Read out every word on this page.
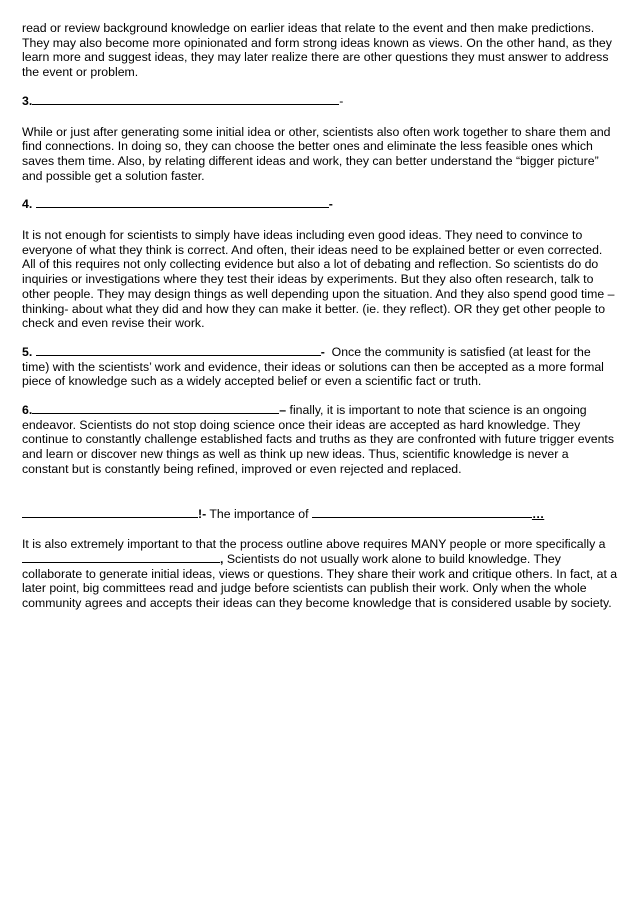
read or review background knowledge on earlier ideas that relate to the event and then make predictions. They may also become more opinionated and form strong ideas known as views. On the other hand, as they learn more and suggest ideas, they may later realize there are other questions they must answer to address the event or problem.

3.	-

While or just after generating some initial idea or other, scientists also often work together to share them and find connections. In doing so, they can choose the better ones and eliminate the less feasible ones which saves them time. Also, by relating different ideas and work, they can better understand the “bigger picture” and possible get a solution faster.

4.	-

It is not enough for scientists to simply have ideas including even good ideas. They need to convince to everyone of what they think is correct. And often, their ideas need to be explained better or even corrected. All of this requires not only collecting evidence but also a lot of debating and reflection. So scientists do do inquiries or investigations where they test their ideas by experiments. But they also often research, talk to other people. They may design things as well depending upon the situation. And they also spend good time –thinking- about what they did and how they can make it better. (ie. they reflect). OR they get other people to check and even revise their work.

5.	- Once the community is satisfied (at least for the time) with the scientists’ work and evidence, their ideas or solutions can then be accepted as a more formal piece of knowledge such as a widely accepted belief or even a scientific fact or truth.

6.	– finally, it is important to note that science is an ongoing endeavor. Scientists do not stop doing science once their ideas are accepted as hard knowledge. They continue to constantly challenge established facts and truths as they are confronted with future trigger events and learn or discover new things as well as think up new ideas. Thus, scientific knowledge is never a constant but is constantly being refined, improved or even rejected and replaced.

!- The importance of	…

It is also extremely important to that the process outline above requires MANY people or more specifically a , Scientists do not usually work alone to build knowledge. They collaborate to generate initial ideas, views or questions. They share their work and critique others. In fact, at a later point, big committees read and judge before scientists can publish their work. Only when the whole community agrees and accepts their ideas can they become knowledge that is considered usable by society.
